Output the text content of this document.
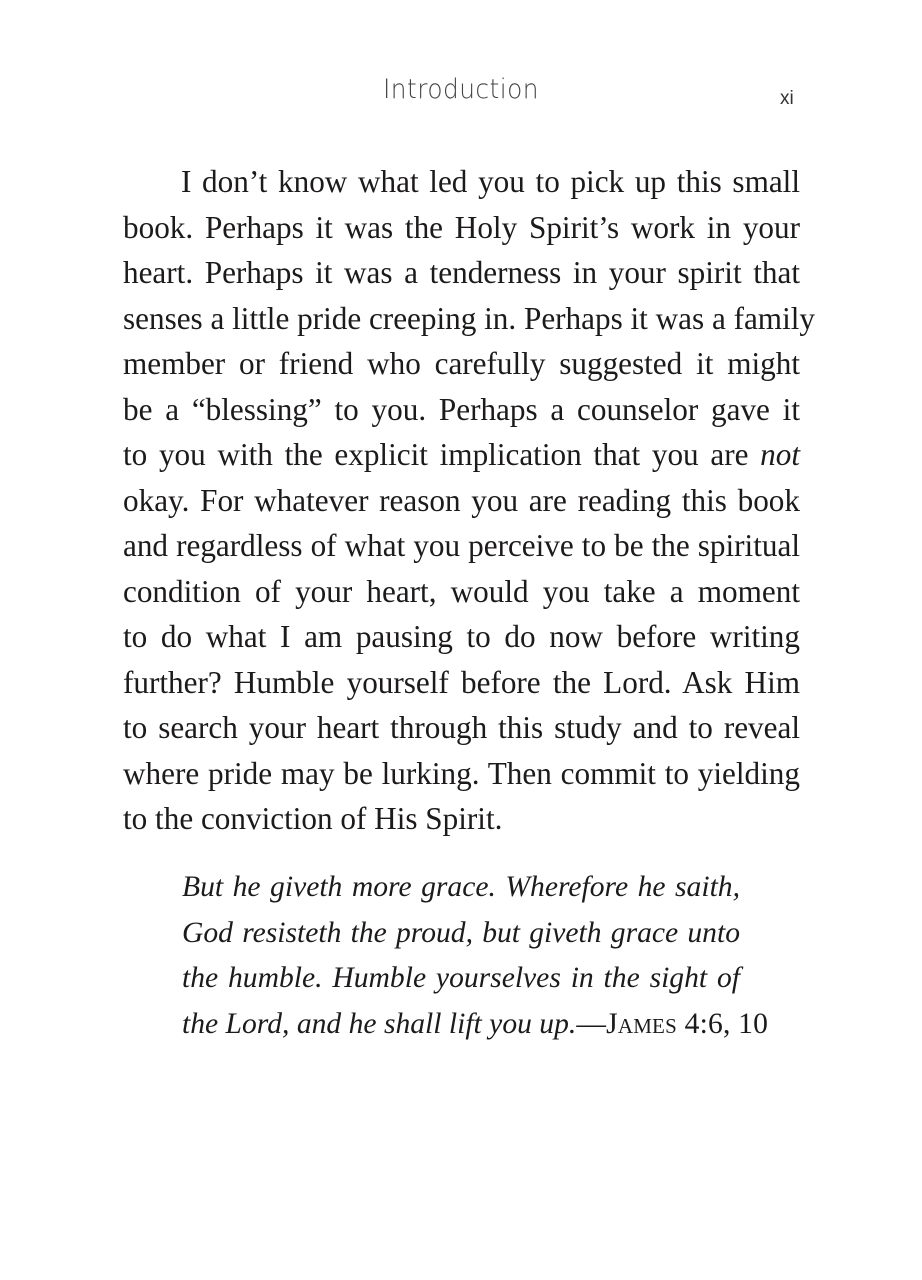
Introduction	xi
I don’t know what led you to pick up this small
book. Perhaps it was the Holy Spirit’s work in your
heart. Perhaps it was a tenderness in your spirit that
senses a little pride creeping in. Perhaps it was a family
member or friend who carefully suggested it might
be a “blessing” to you. Perhaps a counselor gave it
to you with the explicit implication that you are not
okay. For whatever reason you are reading this book
and regardless of what you perceive to be the spiritual
condition of your heart, would you take a moment
to do what I am pausing to do now before writing
further? Humble yourself before the Lord. Ask Him
to search your heart through this study and to reveal
where pride may be lurking. Then commit to yielding
to the conviction of His Spirit.
But he giveth more grace. Wherefore he saith,
God resisteth the proud, but giveth grace unto
the humble. Humble yourselves in the sight of
the Lord, and he shall lift you up.—James 4:6, 10
